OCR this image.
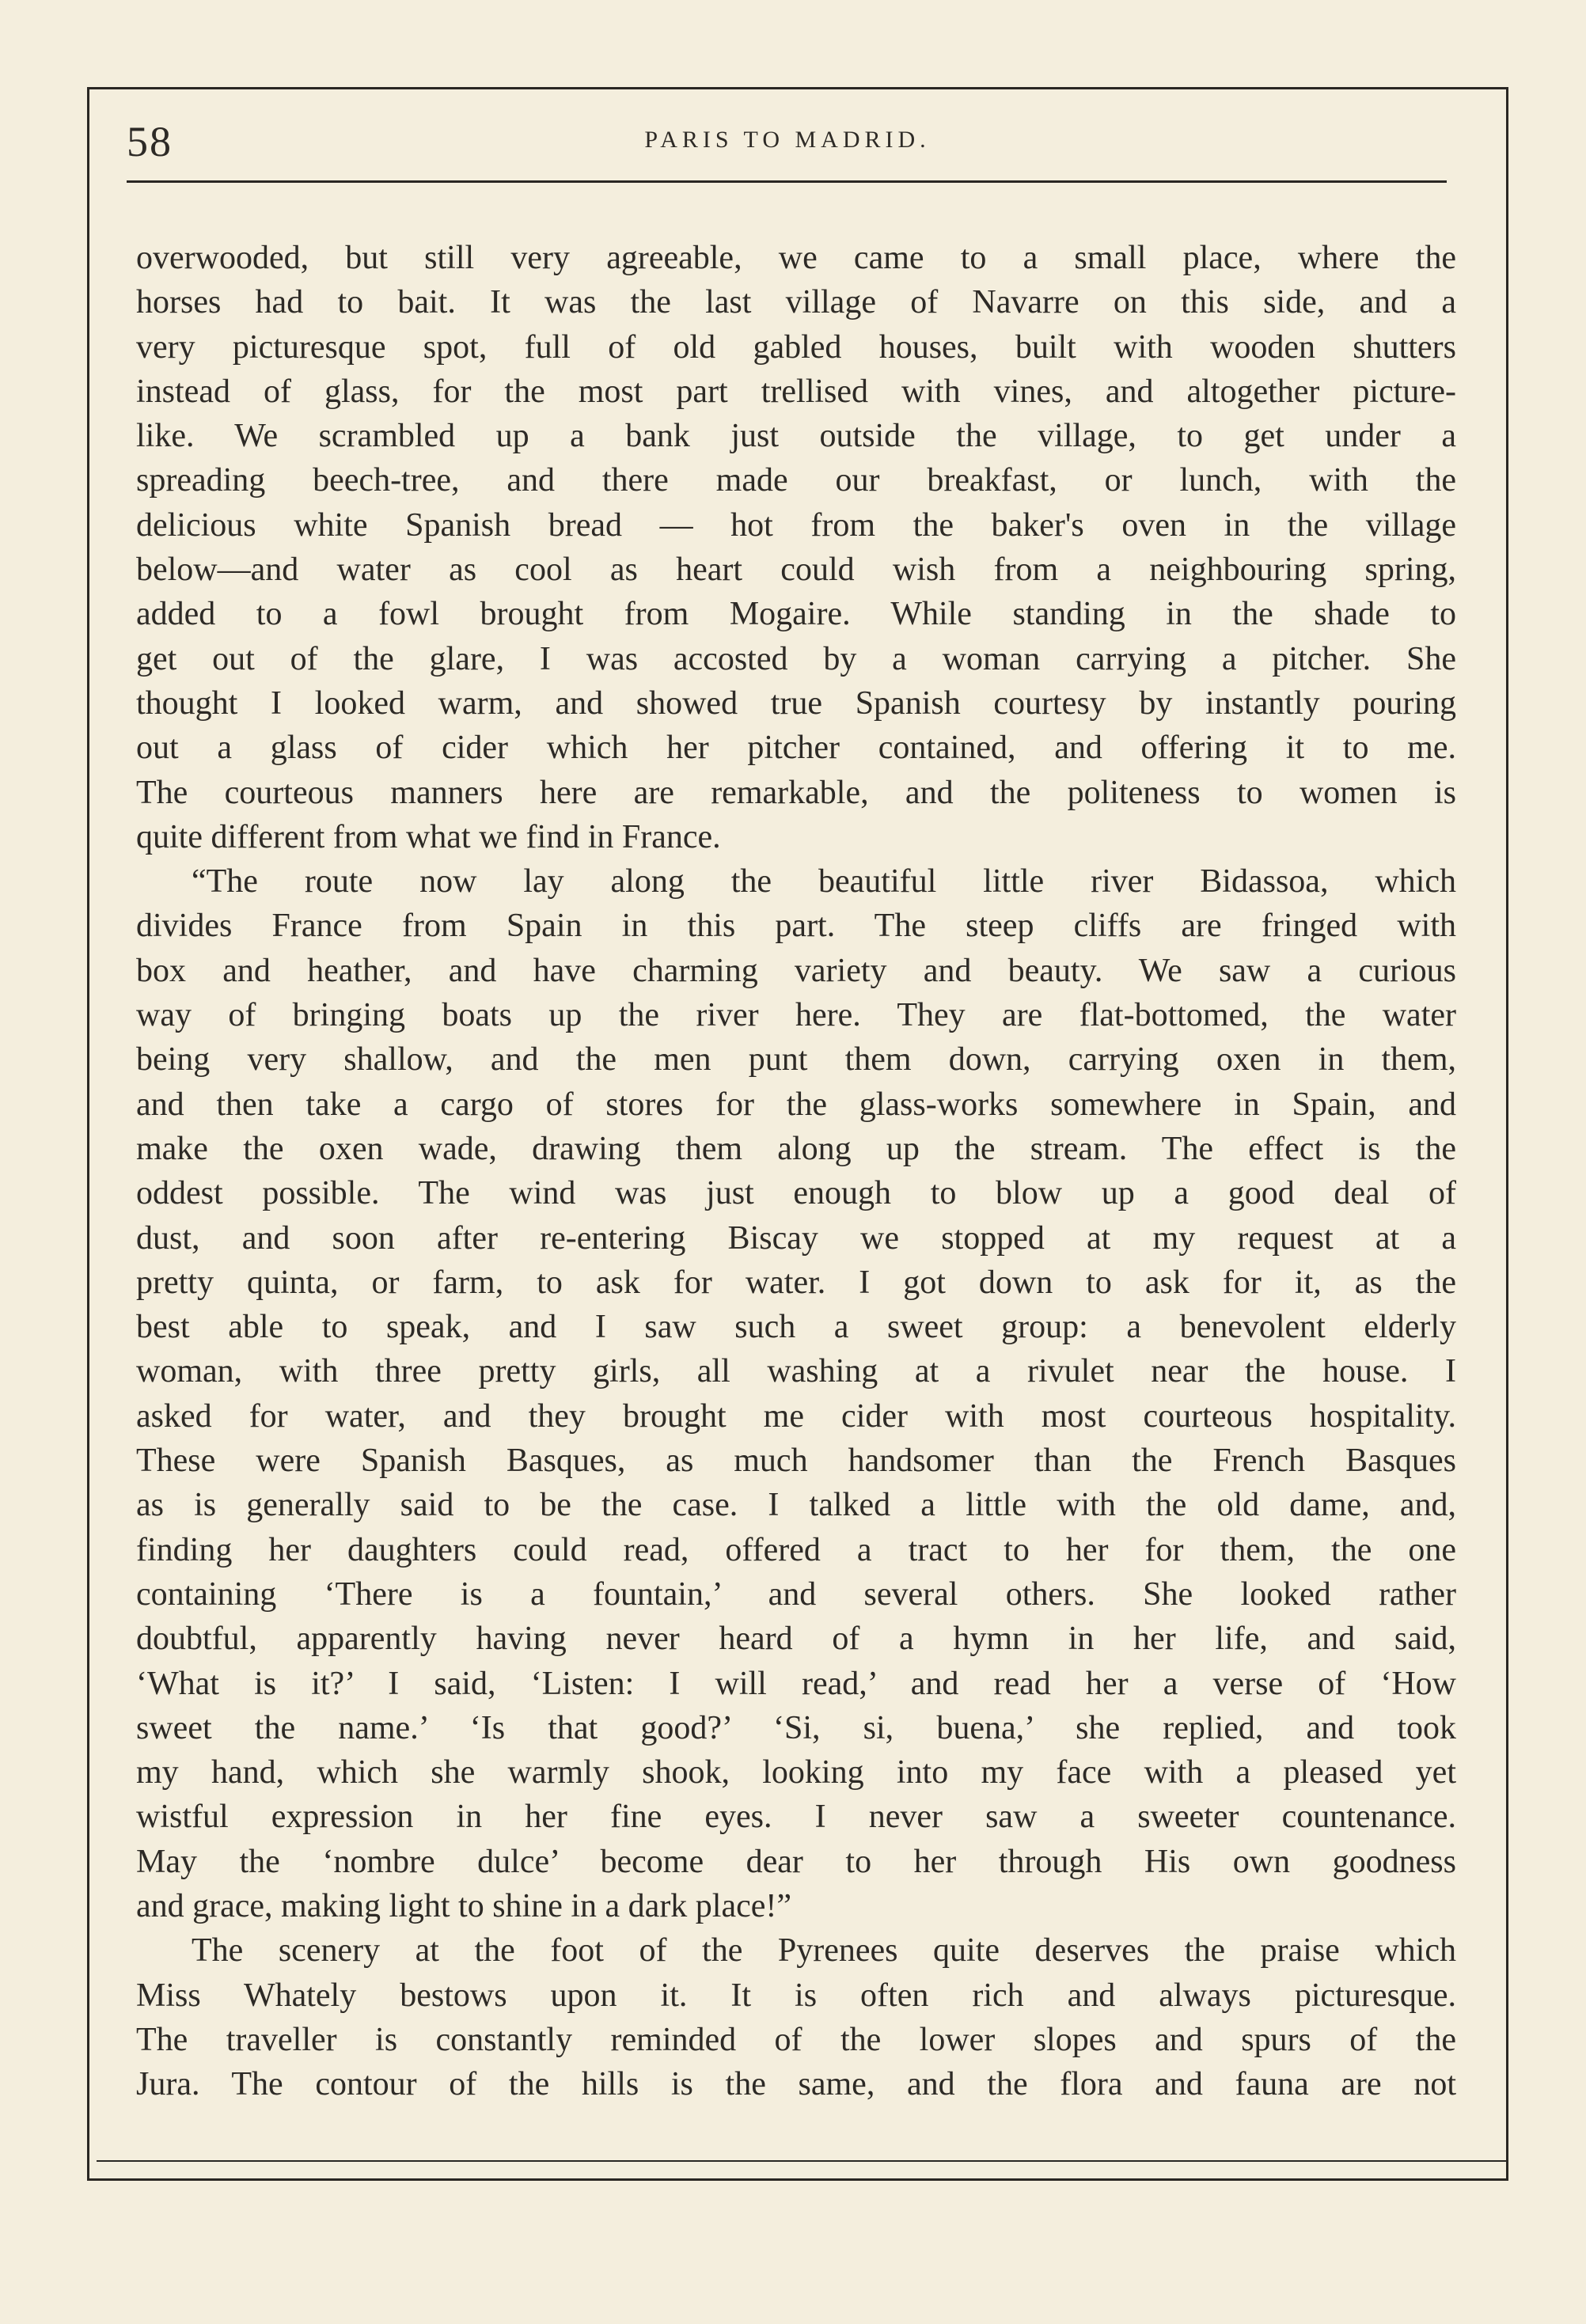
58	PARIS TO MADRID.
overwooded, but still very agreeable, we came to a small place, where the
horses had to bait. It was the last village of Navarre on this side, and a
very picturesque spot, full of old gabled houses, built with wooden shutters
instead of glass, for the most part trellised with vines, and altogether picture-
like. We scrambled up a bank just outside the village, to get under a
spreading beech-tree, and there made our breakfast, or lunch, with the
delicious white Spanish bread — hot from the baker's oven in the village
below—and water as cool as heart could wish from a neighbouring spring,
added to a fowl brought from Mogaire. While standing in the shade to
get out of the glare, I was accosted by a woman carrying a pitcher. She
thought I looked warm, and showed true Spanish courtesy by instantly pouring
out a glass of cider which her pitcher contained, and offering it to me.
The courteous manners here are remarkable, and the politeness to women is
quite different from what we find in France.
“The route now lay along the beautiful little river Bidassoa, which
divides France from Spain in this part. The steep cliffs are fringed with
box and heather, and have charming variety and beauty. We saw a curious
way of bringing boats up the river here. They are flat-bottomed, the water
being very shallow, and the men punt them down, carrying oxen in them,
and then take a cargo of stores for the glass-works somewhere in Spain, and
make the oxen wade, drawing them along up the stream. The effect is the
oddest possible. The wind was just enough to blow up a good deal of
dust, and soon after re-entering Biscay we stopped at my request at a
pretty quinta, or farm, to ask for water. I got down to ask for it, as the
best able to speak, and I saw such a sweet group: a benevolent elderly
woman, with three pretty girls, all washing at a rivulet near the house. I
asked for water, and they brought me cider with most courteous hospitality.
These were Spanish Basques, as much handsomer than the French Basques
as is generally said to be the case. I talked a little with the old dame, and,
finding her daughters could read, offered a tract to her for them, the one
containing ‘There is a fountain,’ and several others. She looked rather
doubtful, apparently having never heard of a hymn in her life, and said,
‘What is it?’ I said, ‘Listen: I will read,’ and read her a verse of ‘How
sweet the name.’ ‘Is that good?’ ‘Si, si, buena,’ she replied, and took
my hand, which she warmly shook, looking into my face with a pleased yet
wistful expression in her fine eyes. I never saw a sweeter countenance.
May the ‘nombre dulce’ become dear to her through His own goodness
and grace, making light to shine in a dark place!”
The scenery at the foot of the Pyrenees quite deserves the praise which
Miss Whately bestows upon it. It is often rich and always picturesque.
The traveller is constantly reminded of the lower slopes and spurs of the
Jura. The contour of the hills is the same, and the flora and fauna are not
